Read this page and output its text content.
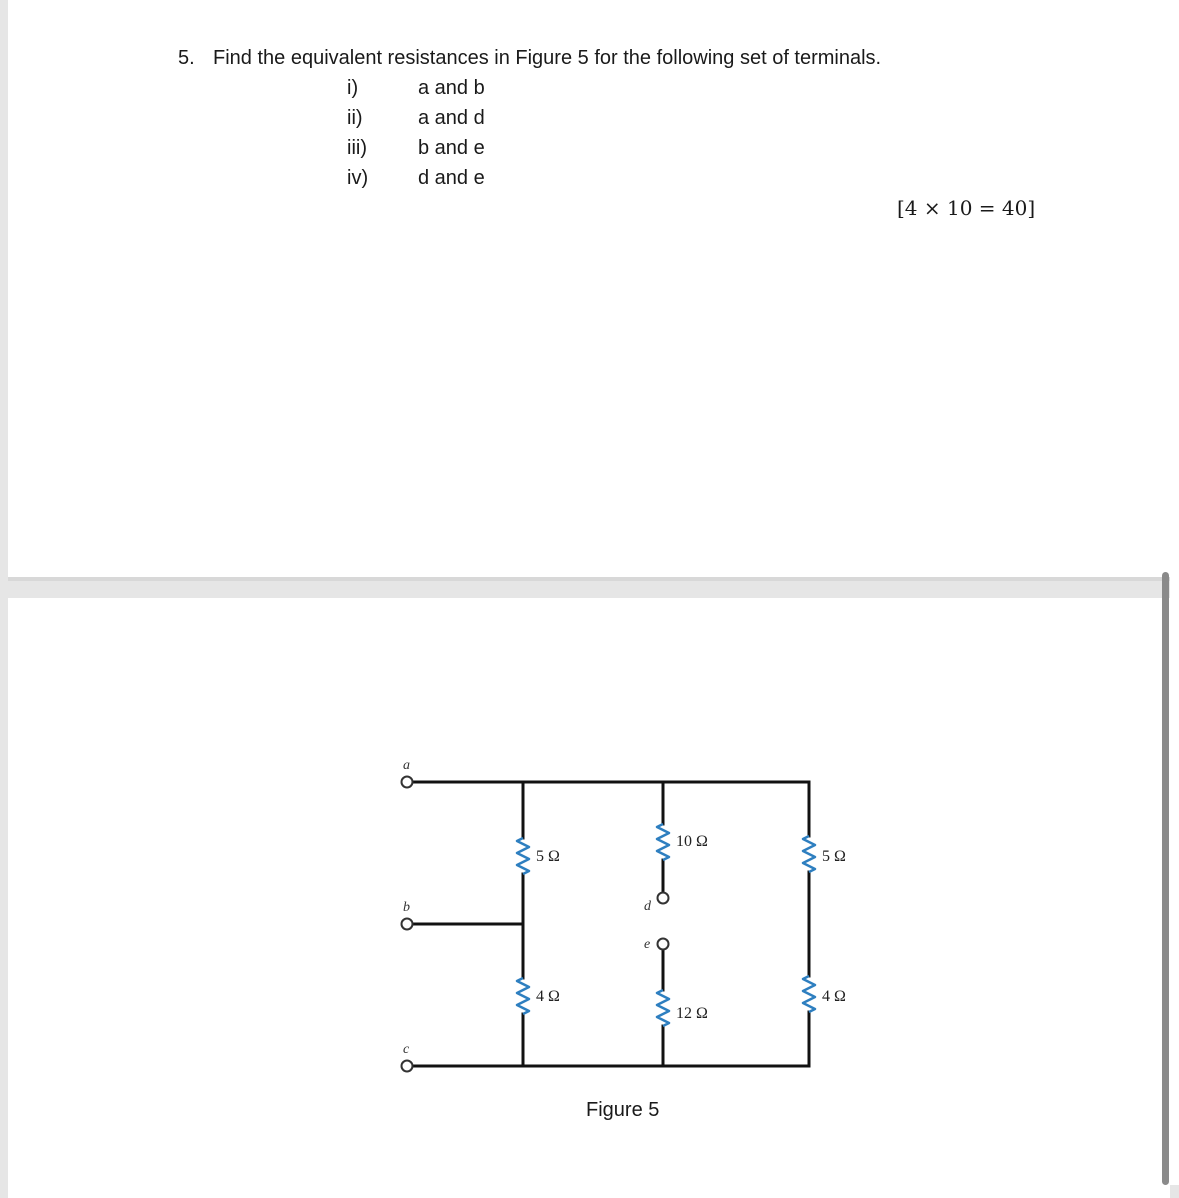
5. Find the equivalent resistances in Figure 5 for the following set of terminals.
i)	a and b
ii)	a and d
iii)	b and e
iv) d and e
[4 × 10 = 40]
a
b
c
d
e
5 Ω
4 Ω
10 Ω
12 Ω
5 Ω
4 Ω
Figure 5
